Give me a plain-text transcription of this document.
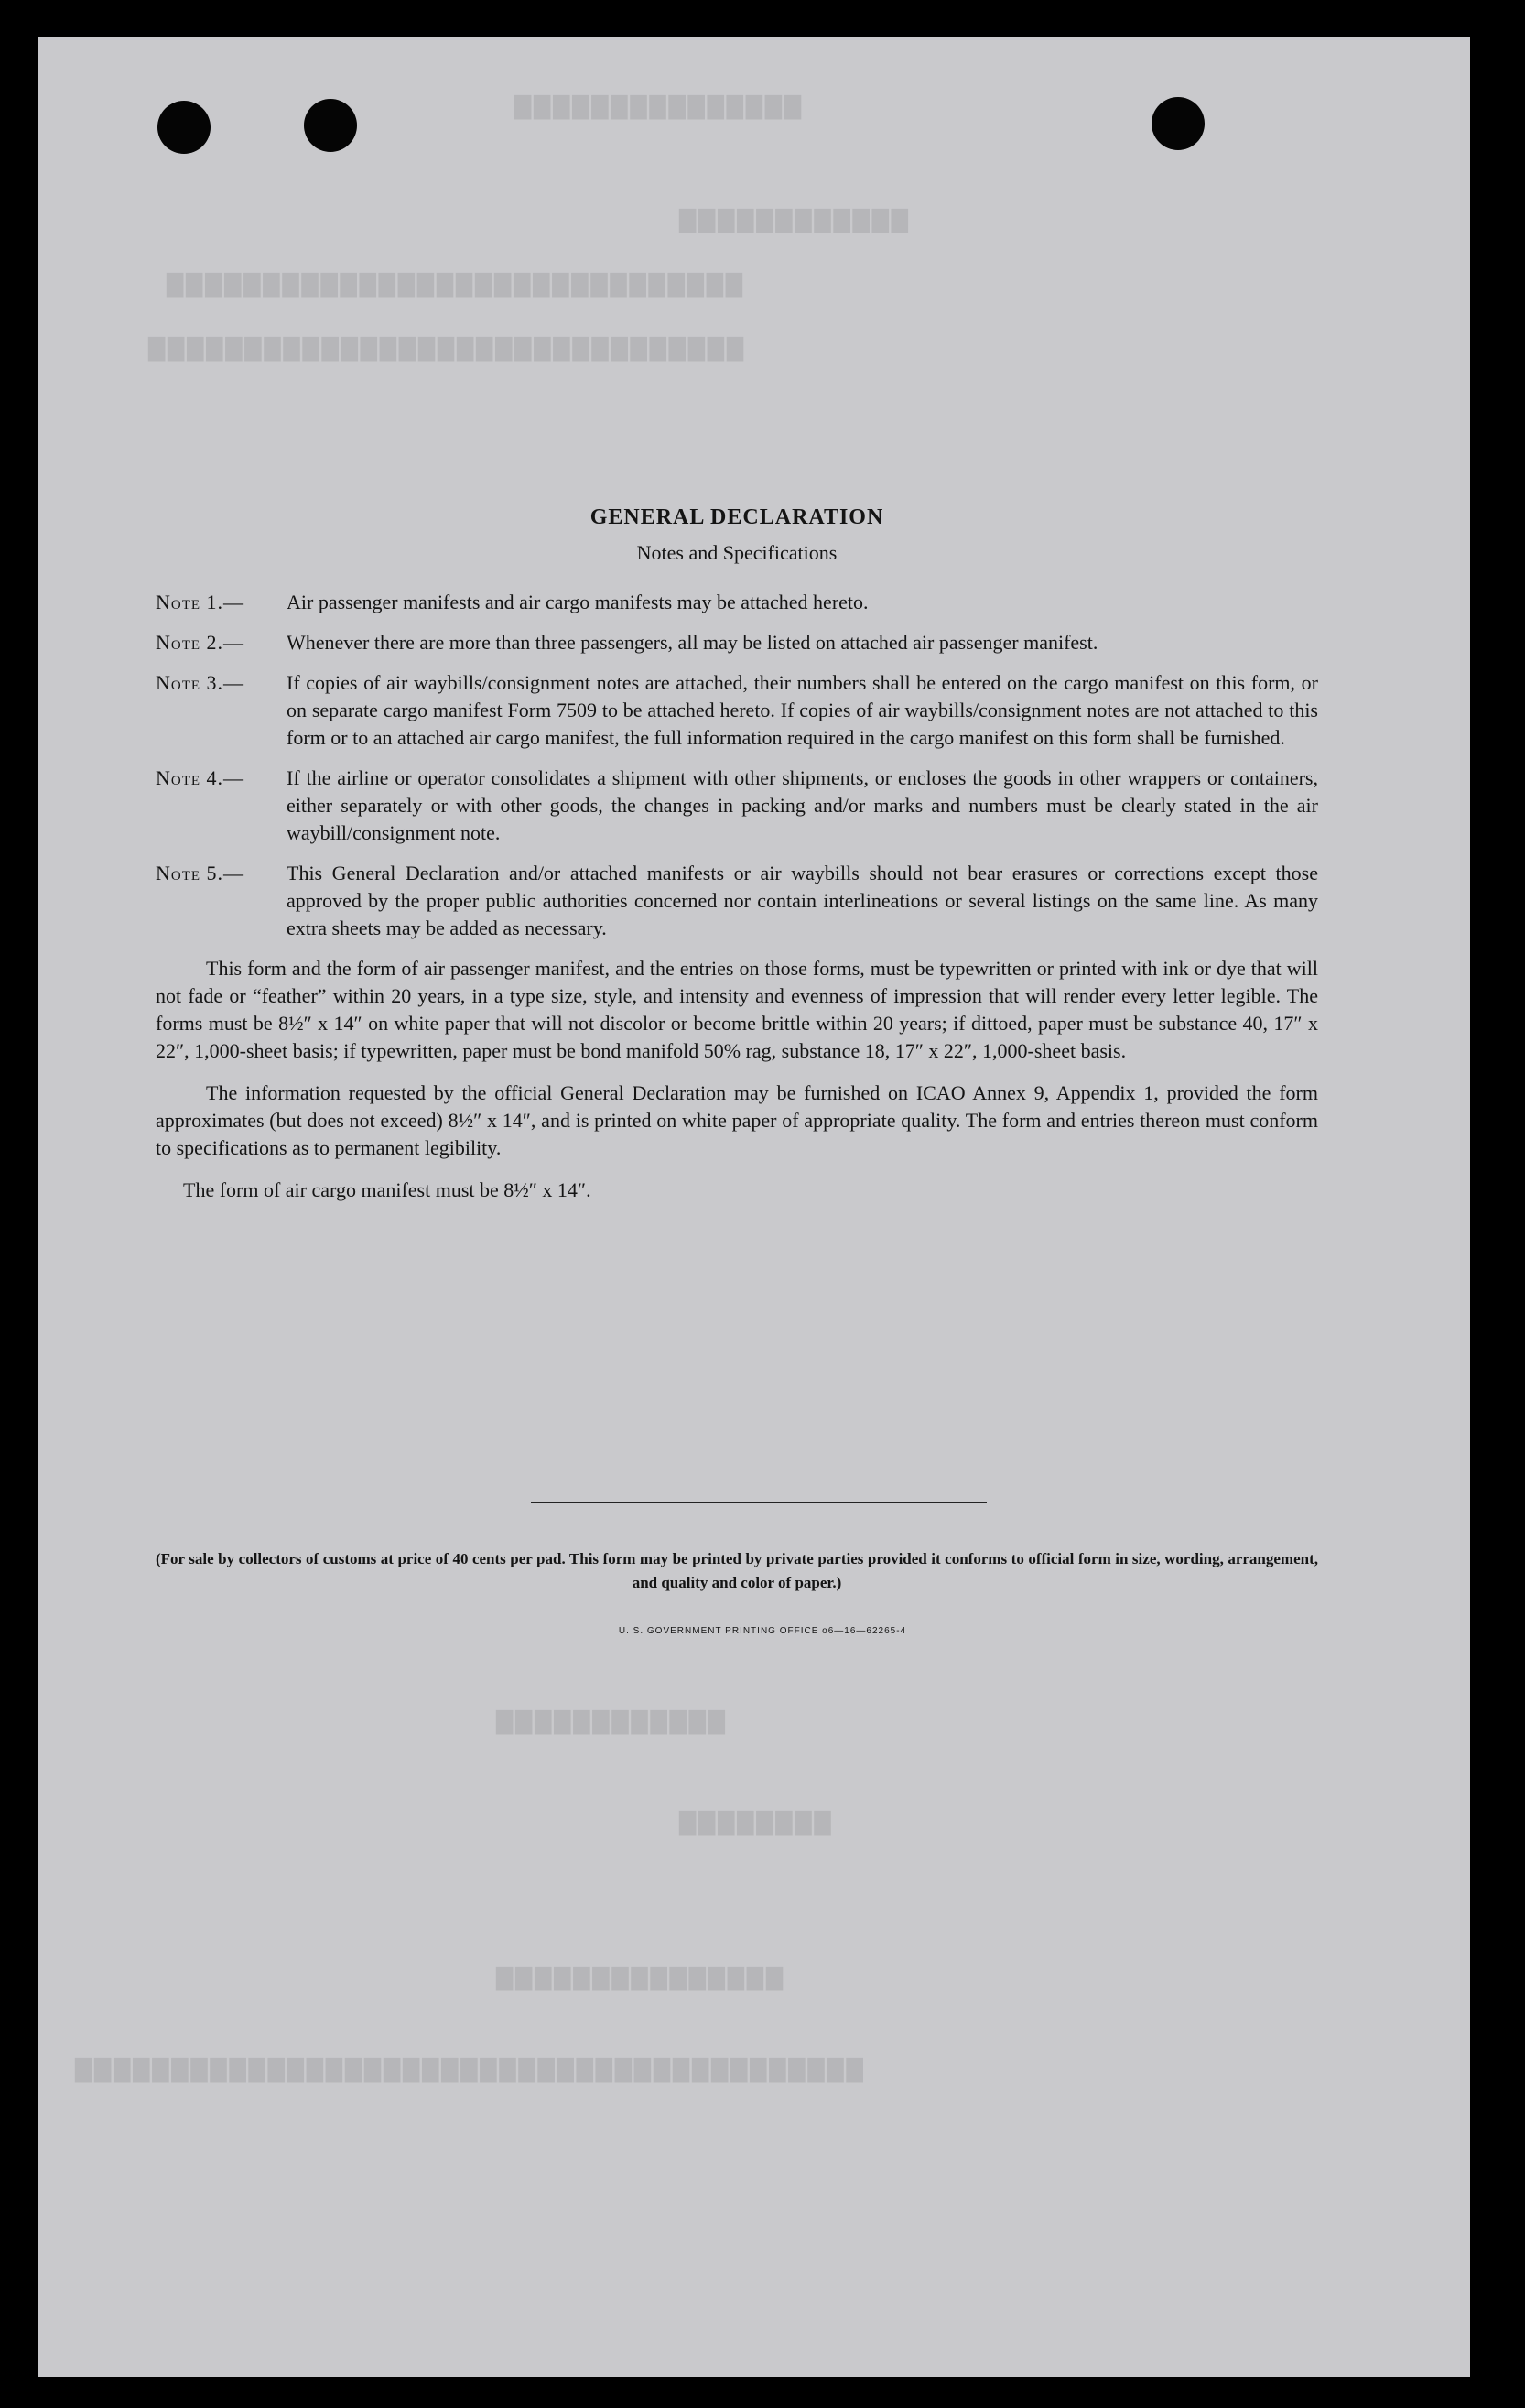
▆▆▆▆▆▆▆▆▆▆▆▆▆▆▆
▆▆▆▆▆▆▆▆▆▆▆▆
▆▆▆▆▆▆▆▆▆▆▆▆▆▆▆▆▆▆▆▆▆▆▆▆▆▆▆▆▆▆
▆▆▆▆▆▆▆▆▆▆▆▆▆▆▆▆▆▆▆▆▆▆▆▆▆▆▆▆▆▆▆
▆▆▆▆▆▆▆▆▆▆▆▆
▆▆▆▆▆▆▆▆
▆▆▆▆▆▆▆▆▆▆▆▆▆▆▆
▆▆▆▆▆▆▆▆▆▆▆▆▆▆▆▆▆▆▆▆▆▆▆▆▆▆▆▆▆▆▆▆▆▆▆▆▆▆▆▆▆
GENERAL DECLARATION
Notes and Specifications
Note 1.—	Air passenger manifests and air cargo manifests may be attached hereto.
Note 2.—	Whenever there are more than three passengers, all may be listed on attached air passenger manifest.
Note 3.—	If copies of air waybills/consignment notes are attached, their numbers shall be entered on the cargo manifest on this form, or on separate cargo manifest Form 7509 to be attached hereto. If copies of air waybills/consignment notes are not attached to this form or to an attached air cargo manifest, the full information required in the cargo manifest on this form shall be furnished.
Note 4.—	If the airline or operator consolidates a shipment with other shipments, or encloses the goods in other wrappers or containers, either separately or with other goods, the changes in packing and/or marks and numbers must be clearly stated in the air waybill/consignment note.
Note 5.—	This General Declaration and/or attached manifests or air waybills should not bear erasures or corrections except those approved by the proper public authorities concerned nor contain interlineations or several listings on the same line. As many extra sheets may be added as necessary.

This form and the form of air passenger manifest, and the entries on those forms, must be typewritten or printed with ink or dye that will not fade or “feather” within 20 years, in a type size, style, and intensity and evenness of impression that will render every letter legible. The forms must be 8½″ x 14″ on white paper that will not discolor or become brittle within 20 years; if dittoed, paper must be substance 40, 17″ x 22″, 1,000-sheet basis; if typewritten, paper must be bond manifold 50% rag, substance 18, 17″ x 22″, 1,000-sheet basis.

The information requested by the official General Declaration may be furnished on ICAO Annex 9, Appendix 1, provided the form approximates (but does not exceed) 8½″ x 14″, and is printed on white paper of appropriate quality. The form and entries thereon must conform to specifications as to permanent legibility.

The form of air cargo manifest must be 8½″ x 14″.

(For sale by collectors of customs at price of 40 cents per pad. This form may be printed by private parties provided it conforms to official form in size, wording, arrangement, and quality and color of paper.)
U. S. GOVERNMENT PRINTING OFFICE o6—16—62265-4
